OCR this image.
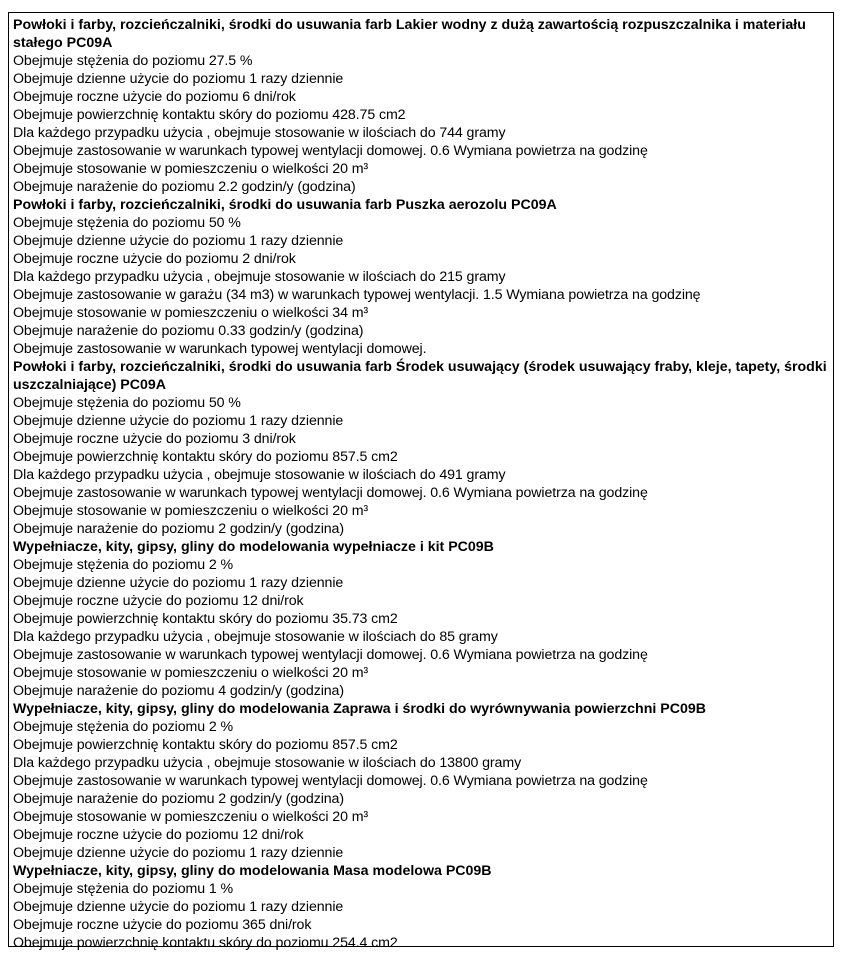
Powłoki i farby, rozcieńczalniki, środki do usuwania farb Lakier wodny z dużą zawartością rozpuszczalnika i materiału stałego PC09A
Obejmuje stężenia do poziomu 27.5 %
Obejmuje dzienne użycie do poziomu 1 razy dziennie
Obejmuje roczne użycie do poziomu 6 dni/rok
Obejmuje powierzchnię kontaktu skóry do poziomu 428.75 cm2
Dla każdego przypadku użycia , obejmuje stosowanie w ilościach do 744 gramy
Obejmuje zastosowanie w warunkach typowej wentylacji domowej. 0.6 Wymiana powietrza na godzinę
Obejmuje stosowanie w pomieszczeniu o wielkości 20 m³
Obejmuje narażenie do poziomu 2.2 godzin/y (godzina)
Powłoki i farby, rozcieńczalniki, środki do usuwania farb Puszka aerozolu PC09A
Obejmuje stężenia do poziomu 50 %
Obejmuje dzienne użycie do poziomu 1 razy dziennie
Obejmuje roczne użycie do poziomu 2 dni/rok
Dla każdego przypadku użycia , obejmuje stosowanie w ilościach do 215 gramy
Obejmuje zastosowanie w garażu (34 m3) w warunkach typowej wentylacji. 1.5 Wymiana powietrza na godzinę
Obejmuje stosowanie w pomieszczeniu o wielkości 34 m³
Obejmuje narażenie do poziomu 0.33 godzin/y (godzina)
Obejmuje zastosowanie w warunkach typowej wentylacji domowej.
Powłoki i farby, rozcieńczalniki, środki do usuwania farb Środek usuwający (środek usuwający fraby, kleje, tapety, środki uszczalniające) PC09A
Obejmuje stężenia do poziomu 50 %
Obejmuje dzienne użycie do poziomu 1 razy dziennie
Obejmuje roczne użycie do poziomu 3 dni/rok
Obejmuje powierzchnię kontaktu skóry do poziomu 857.5 cm2
Dla każdego przypadku użycia , obejmuje stosowanie w ilościach do 491 gramy
Obejmuje zastosowanie w warunkach typowej wentylacji domowej. 0.6 Wymiana powietrza na godzinę
Obejmuje stosowanie w pomieszczeniu o wielkości 20 m³
Obejmuje narażenie do poziomu 2 godzin/y (godzina)
Wypełniacze, kity, gipsy, gliny do modelowania wypełniacze i kit PC09B
Obejmuje stężenia do poziomu 2 %
Obejmuje dzienne użycie do poziomu 1 razy dziennie
Obejmuje roczne użycie do poziomu 12 dni/rok
Obejmuje powierzchnię kontaktu skóry do poziomu 35.73 cm2
Dla każdego przypadku użycia , obejmuje stosowanie w ilościach do 85 gramy
Obejmuje zastosowanie w warunkach typowej wentylacji domowej. 0.6 Wymiana powietrza na godzinę
Obejmuje stosowanie w pomieszczeniu o wielkości 20 m³
Obejmuje narażenie do poziomu 4 godzin/y (godzina)
Wypełniacze, kity, gipsy, gliny do modelowania Zaprawa i środki do wyrównywania powierzchni PC09B
Obejmuje stężenia do poziomu 2 %
Obejmuje powierzchnię kontaktu skóry do poziomu 857.5 cm2
Dla każdego przypadku użycia , obejmuje stosowanie w ilościach do 13800 gramy
Obejmuje zastosowanie w warunkach typowej wentylacji domowej. 0.6 Wymiana powietrza na godzinę
Obejmuje narażenie do poziomu 2 godzin/y (godzina)
Obejmuje stosowanie w pomieszczeniu o wielkości 20 m³
Obejmuje roczne użycie do poziomu 12 dni/rok
Obejmuje dzienne użycie do poziomu 1 razy dziennie
Wypełniacze, kity, gipsy, gliny do modelowania Masa modelowa PC09B
Obejmuje stężenia do poziomu 1 %
Obejmuje dzienne użycie do poziomu 1 razy dziennie
Obejmuje roczne użycie do poziomu 365 dni/rok
Obejmuje powierzchnię kontaktu skóry do poziomu 254.4 cm2
